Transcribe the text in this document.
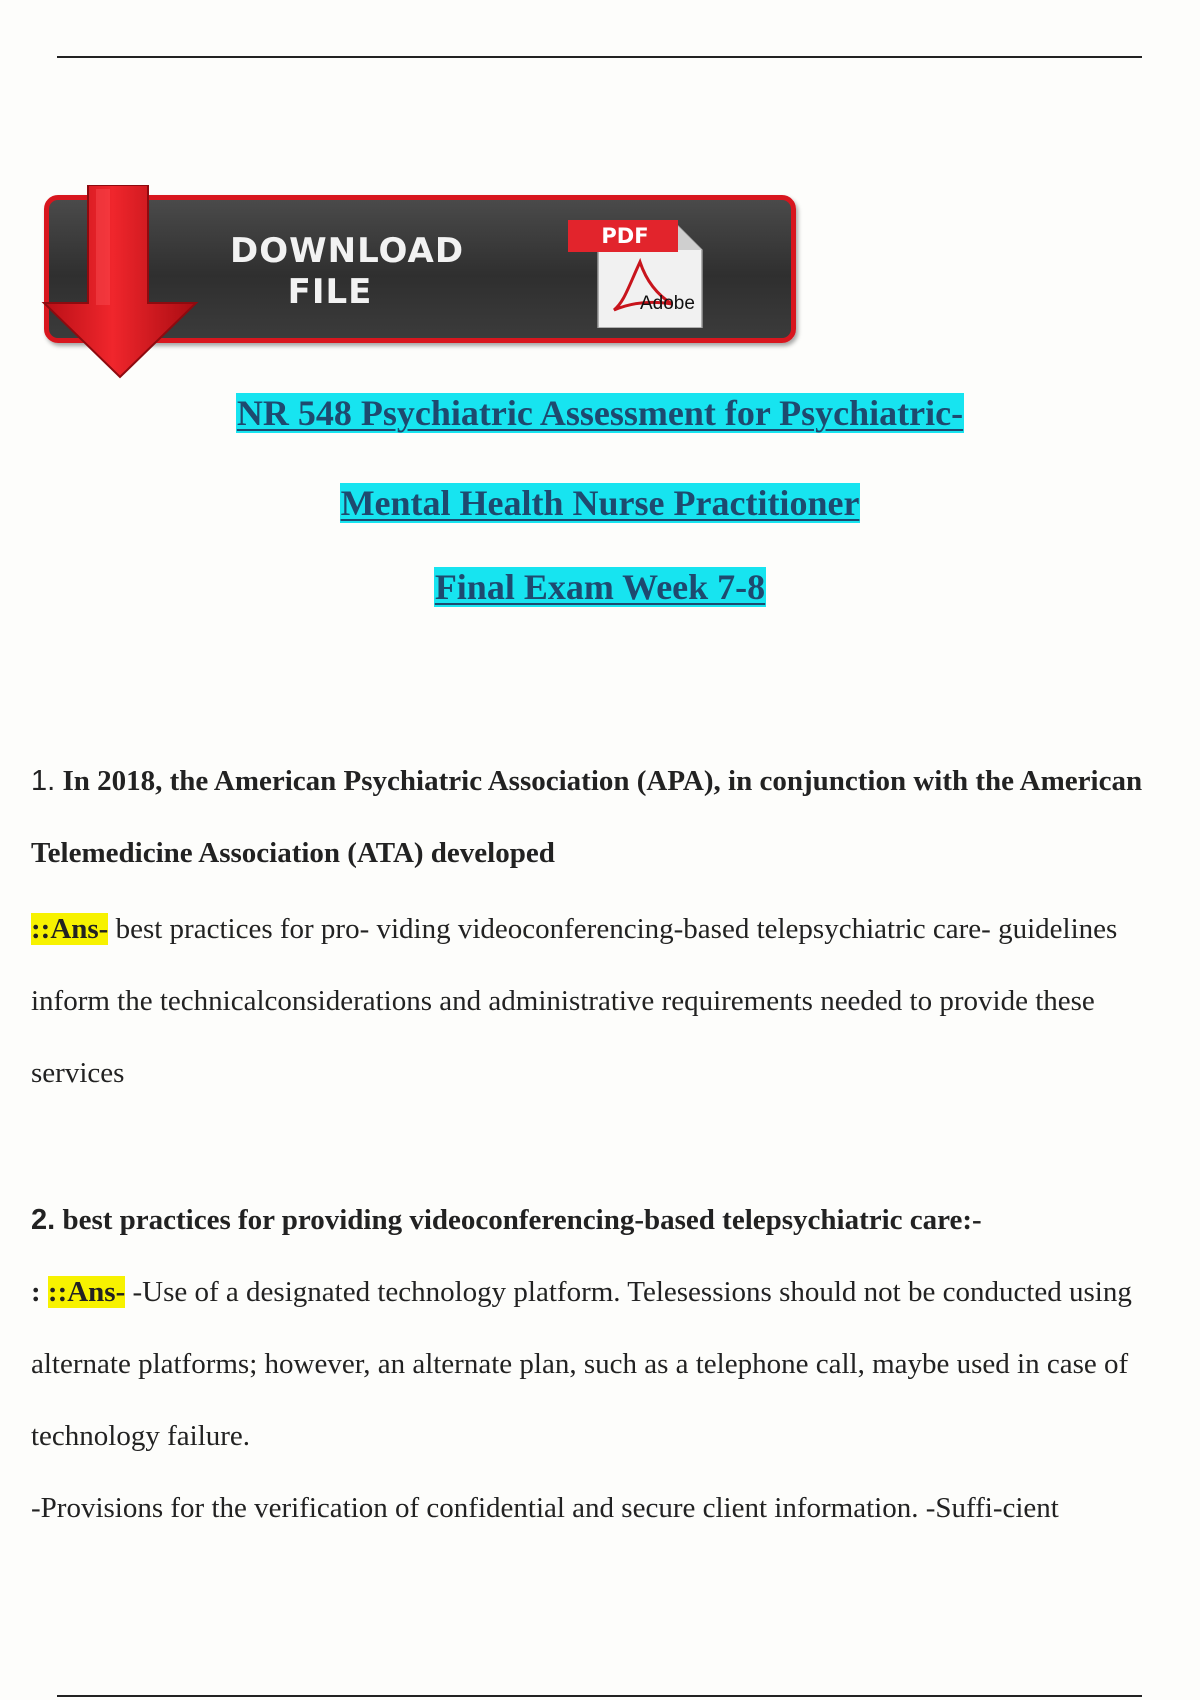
DOWNLOAD
FILE
PDF
Adobe
NR 548 Psychiatric Assessment for Psychiatric-
Mental Health Nurse Practitioner
Final Exam Week 7-8
1. In 2018, the American Psychiatric Association (APA), in conjunction with the American Telemedicine Association (ATA) developed
::Ans- best practices for pro- viding videoconferencing-based telepsychiatric care- guidelines inform the technicalconsiderations and administrative requirements needed to provide these services
2. best practices for providing videoconferencing-based telepsychiatric care:-
: ::Ans- -Use of a designated technology platform. Telesessions should not be conducted using alternate platforms; however, an alternate plan, such as a telephone call, maybe used in case of technology failure.
-Provisions for the verification of confidential and secure client information. -Suffi-cient
